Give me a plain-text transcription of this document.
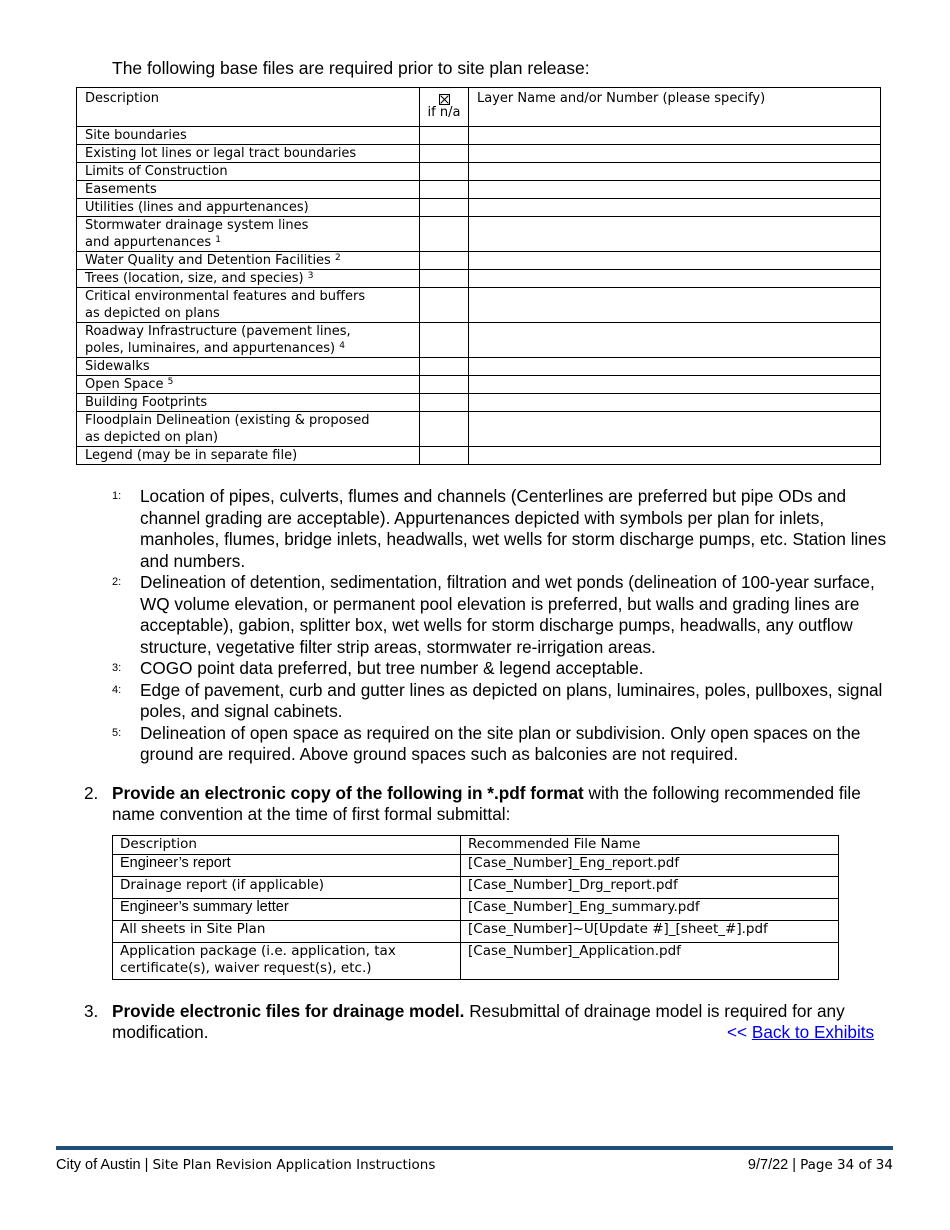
The following base files are required prior to site plan release:
Description	if n/a	Layer Name and/or Number (please specify)
Site boundaries		
Existing lot lines or legal tract boundaries		
Limits of Construction		
Easements		
Utilities (lines and appurtenances)		

Stormwater drainage system lines
and appurtenances $^1$

Water Quality and Detention Facilities $^2$		
Trees (location, size, and species) $^3$		

Critical environmental features and buffers
as depicted on plans		

Roadway Infrastructure (pavement lines,
poles, luminaires, and appurtenances) $^4$

Sidewalks		
Open Space $^5$		
Building Footprints		

Floodplain Delineation (existing & proposed
as depicted on plan)		

Legend (may be in separate file)		
1:	Location of pipes, culverts, flumes and channels (Centerlines are preferred but pipe ODs and channel grading are acceptable). Appurtenances depicted with symbols per plan for inlets, manholes, flumes, bridge inlets, headwalls, wet wells for storm discharge pumps, etc. Station lines and numbers.
2:	Delineation of detention, sedimentation, filtration and wet ponds (delineation of 100-year surface, WQ volume elevation, or permanent pool elevation is preferred, but walls and grading lines are acceptable), gabion, splitter box, wet wells for storm discharge pumps, headwalls, any outflow structure, vegetative filter strip areas, stormwater re-irrigation areas.
3:	COGO point data preferred, but tree number & legend acceptable.
4:	Edge of pavement, curb and gutter lines as depicted on plans, luminaires, poles, pullboxes, signal poles, and signal cabinets.
5:	Delineation of open space as required on the site plan or subdivision. Only open spaces on the ground are required. Above ground spaces such as balconies are not required.
2. Provide an electronic copy of the following in *.pdf format with the following recommended file name convention at the time of first formal submittal:
Description	Recommended File Name
Engineer’s report	[Case_Number]_Eng_report.pdf
Drainage report (if applicable)	[Case_Number]_Drg_report.pdf
Engineer’s summary letter	[Case_Number]_Eng_summary.pdf
All sheets in Site Plan	[Case_Number]~U[Update #]_[sheet_#].pdf

Application package (i.e. application, tax
certificate(s), waiver request(s), etc.)	[Case_Number]_Application.pdf
3. Provide electronic files for drainage model. Resubmittal of drainage model is required for any modification.	<< Back to Exhibits
City of Austin | Site Plan Revision Application Instructions	9/7/22 | Page 34 of 34
